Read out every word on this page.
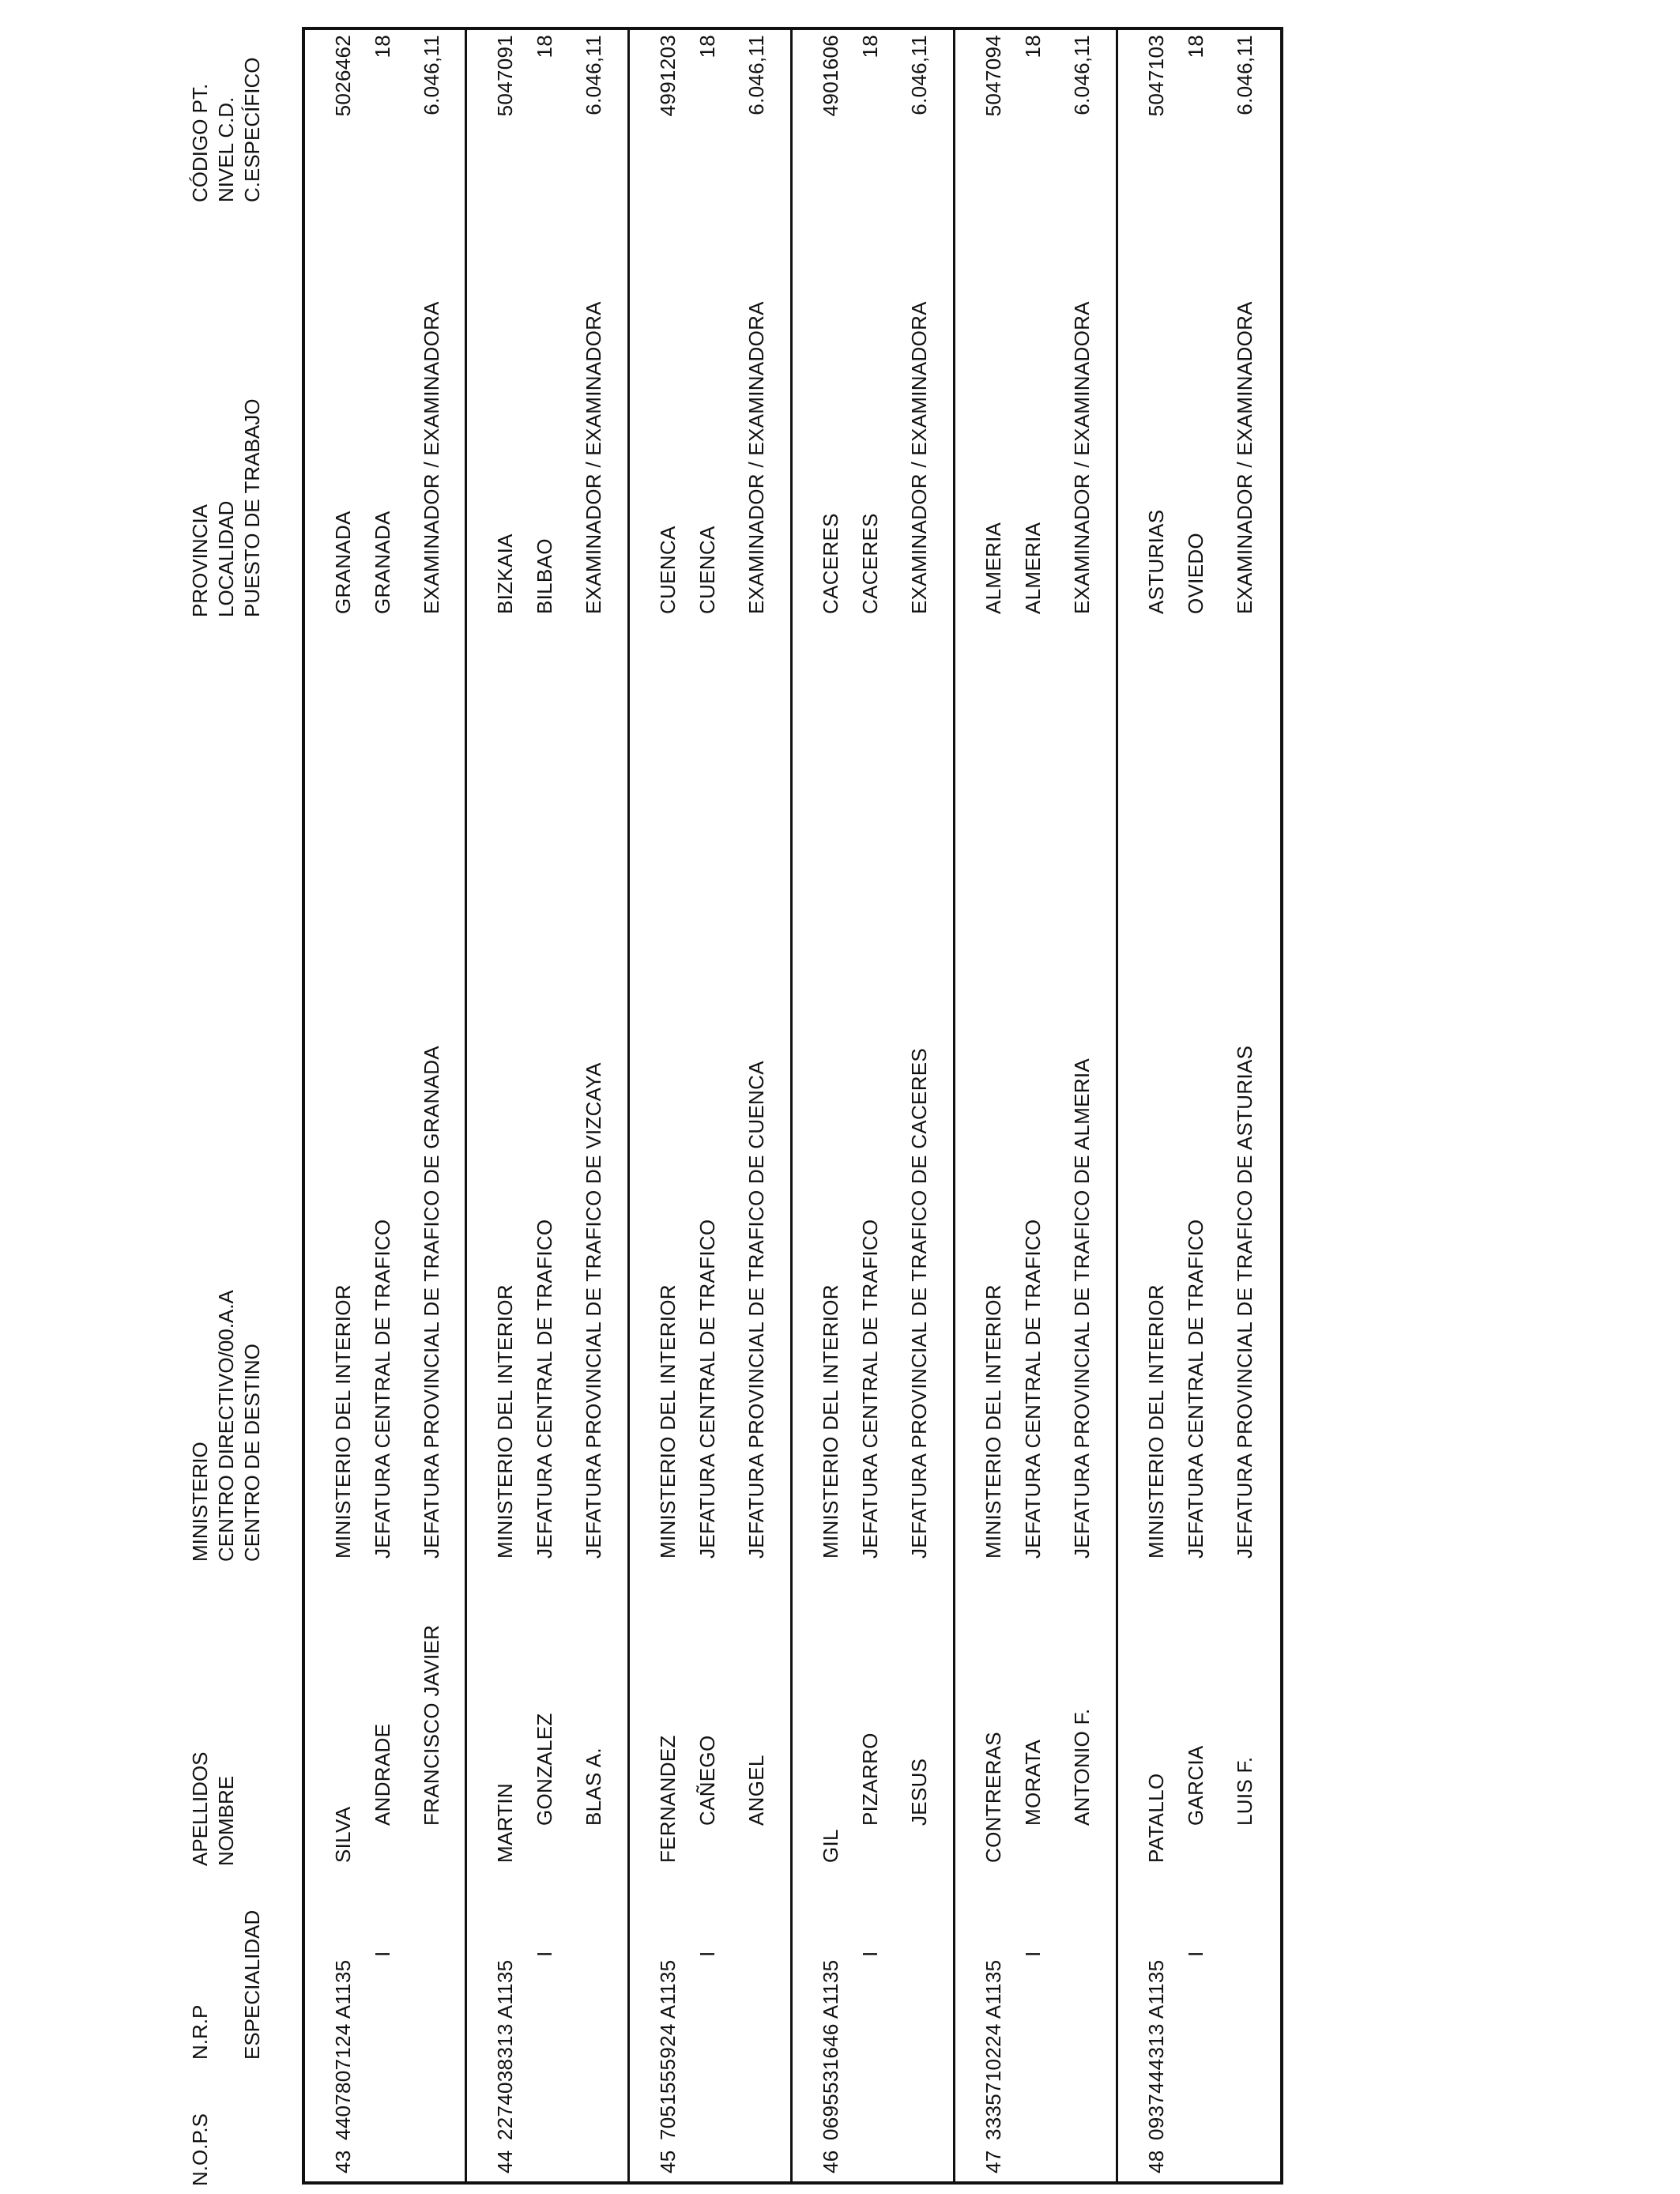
N.O.P.S
N.R.P ESPECIALIDAD
APELLIDOS NOMBRE
MINISTERIO CENTRO DIRECTIVO/00.A.A CENTRO DE DESTINO
PROVINCIA LOCALIDAD PUESTO DE TRABAJO
CÓDIGO PT. NIVEL C.D. C.ESPECÍFICO
43
4407807124 A1135
I
SILVA
ANDRADE FRANCISCO JAVIER
MINISTERIO DEL INTERIOR JEFATURA CENTRAL DE TRAFICO JEFATURA PROVINCIAL DE TRAFICO DE GRANADA
GRANADA GRANADA EXAMINADOR / EXAMINADORA
5026462 18 6.046,11
44
2274038313 A1135
I
MARTIN GONZALEZ BLAS A.
MINISTERIO DEL INTERIOR JEFATURA CENTRAL DE TRAFICO JEFATURA PROVINCIAL DE TRAFICO DE VIZCAYA
BIZKAIA BILBAO EXAMINADOR / EXAMINADORA
5047091 18 6.046,11
45
7051555924 A1135
I
FERNANDEZ CAÑEGO ANGEL
MINISTERIO DEL INTERIOR JEFATURA CENTRAL DE TRAFICO JEFATURA PROVINCIAL DE TRAFICO DE CUENCA
CUENCA CUENCA EXAMINADOR / EXAMINADORA
4991203 18 6.046,11
46
0695531646 A1135
I
GIL
PIZARRO JESUS
MINISTERIO DEL INTERIOR JEFATURA CENTRAL DE TRAFICO JEFATURA PROVINCIAL DE TRAFICO DE CACERES
CACERES CACERES EXAMINADOR / EXAMINADORA
4901606 18 6.046,11
47
3335710224 A1135
I
CONTRERAS MORATA ANTONIO F.
MINISTERIO DEL INTERIOR JEFATURA CENTRAL DE TRAFICO JEFATURA PROVINCIAL DE TRAFICO DE ALMERIA
ALMERIA ALMERIA EXAMINADOR / EXAMINADORA
5047094 18 6.046,11
48
0937444313 A1135
I
PATALLO GARCIA LUIS F.
MINISTERIO DEL INTERIOR JEFATURA CENTRAL DE TRAFICO JEFATURA PROVINCIAL DE TRAFICO DE ASTURIAS
ASTURIAS OVIEDO EXAMINADOR / EXAMINADORA
5047103 18 6.046,11
